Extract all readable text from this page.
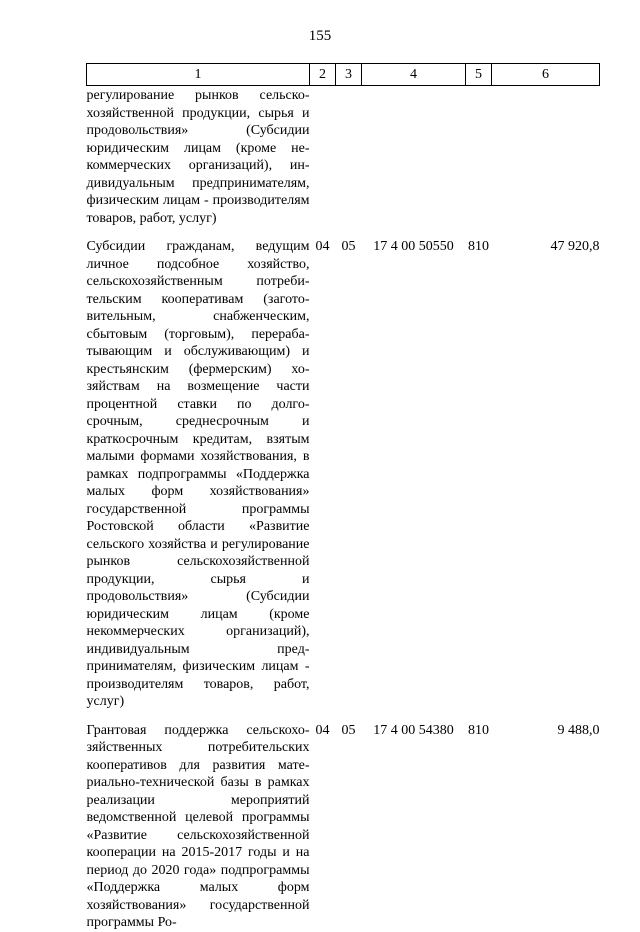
155
1	2	3	4	5	6
регулирование рынков сельскохозяйственной продукции, сырья и продовольствия» (Субсидии юридическим лицам (кроме некоммерческих организаций), индивидуальным предпринимателям, физическим лицам - производителям товаров, работ, услуг)					

Субсидии гражданам, ведущим личное подсобное хозяйство, сельскохозяйственным потребительским кооперативам (заготовительным, снабженческим, сбытовым (торговым), перерабатывающим и обслуживающим) и крестьянским (фермерским) хозяйствам на возмещение части процентной ставки по долгосрочным, среднесрочным и краткосрочным кредитам, взятым малыми формами хозяйствования, в рамках подпрограммы «Поддержка малых форм хозяйствования» государственной программы Ростовской области «Развитие сельского хозяйства и регулирование рынков сельскохозяйственной продукции, сырья и продовольствия» (Субсидии юридическим лицам (кроме некоммерческих организаций), индивидуальным предпринимателям, физическим лицам - производителям товаров, работ, услуг)	04	05	17 4 00 50550	810	47 920,8

Грантовая поддержка сельскохозяйственных потребительских кооперативов для развития материально-технической базы в рамках реализации мероприятий ведомственной целевой программы «Развитие сельскохозяйственной кооперации на 2015-2017 годы и на период до 2020 года» подпрограммы «Поддержка малых форм хозяйствования» государственной программы Ро-	04	05	17 4 00 54380	810	9 488,0
